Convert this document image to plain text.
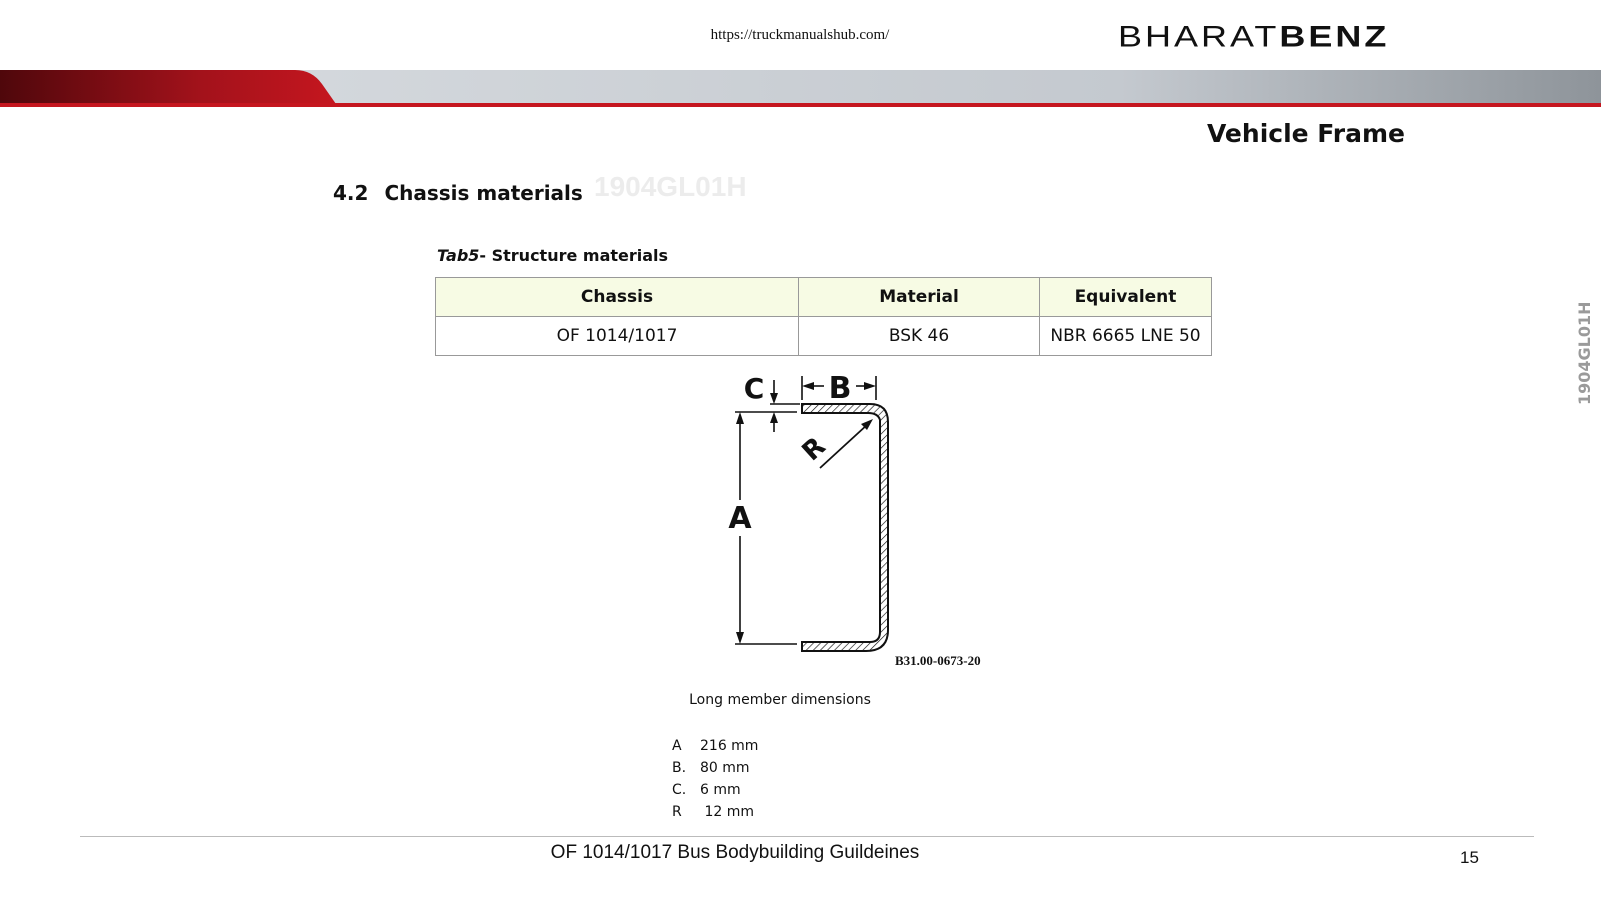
https://truckmanualshub.com/	BHARATBENZ
Vehicle Frame
4.2 Chassis materials 1904GL01H
Tab5- Structure materials
Chassis	Material	Equivalent
OF 1014/1017	BSK 46	NBR 6665 LNE 50	1904GL01H
A
B
C
R
B31.00-0673-20
Long member dimensions
A	216 mm
B. 80 mm
C. 6 mm
R	12 mm
OF 1014/1017 Bus Bodybuilding Guildeines	15
